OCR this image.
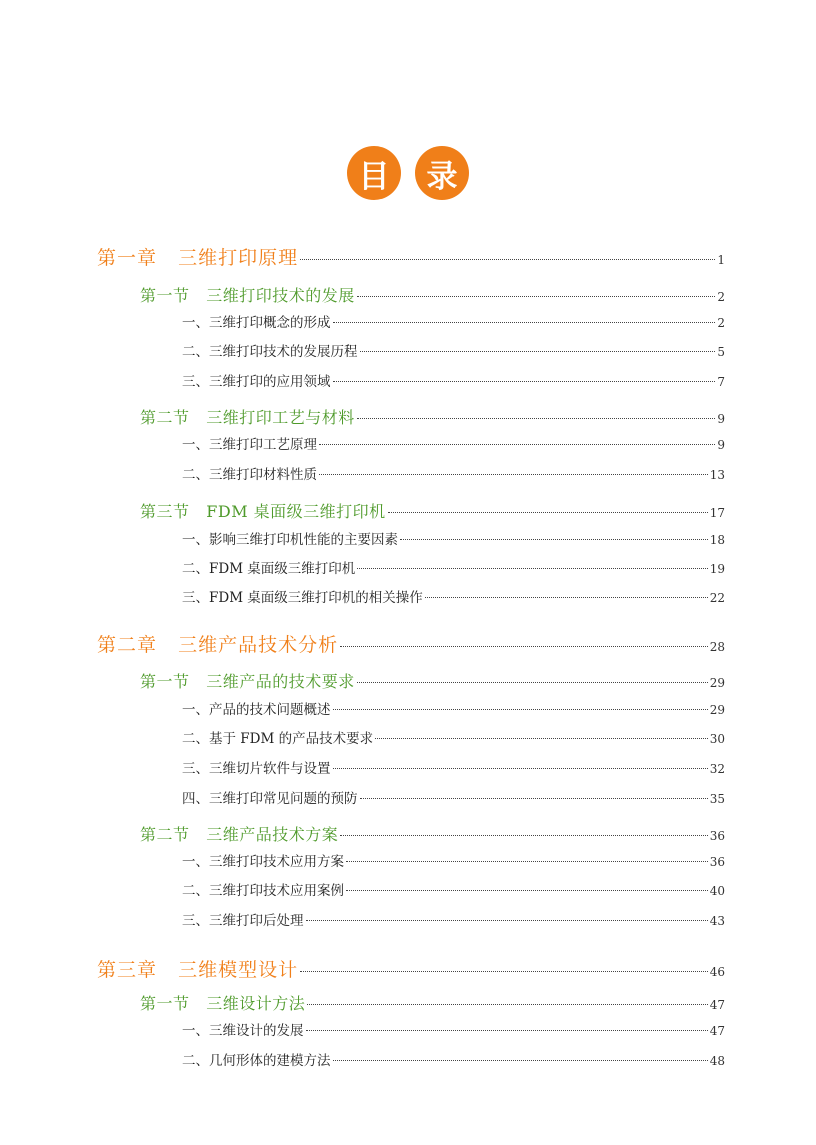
目	录
第一章   三维打印原理	1
第一节   三维打印技术的发展	2
一、三维打印概念的形成	2
二、三维打印技术的发展历程	5
三、三维打印的应用领域	7
第二节   三维打印工艺与材料	9
一、三维打印工艺原理	9
二、三维打印材料性质	13
第三节   FDM 桌面级三维打印机	17
一、影响三维打印机性能的主要因素	18
二、FDM 桌面级三维打印机	19
三、FDM 桌面级三维打印机的相关操作	22
第二章   三维产品技术分析	28
第一节   三维产品的技术要求	29
一、产品的技术问题概述	29
二、基于 FDM 的产品技术要求	30
三、三维切片软件与设置	32
四、三维打印常见问题的预防	35
第二节   三维产品技术方案	36
一、三维打印技术应用方案	36
二、三维打印技术应用案例	40
三、三维打印后处理	43
第三章   三维模型设计	46
第一节   三维设计方法	47
一、三维设计的发展	47
二、几何形体的建模方法	48
